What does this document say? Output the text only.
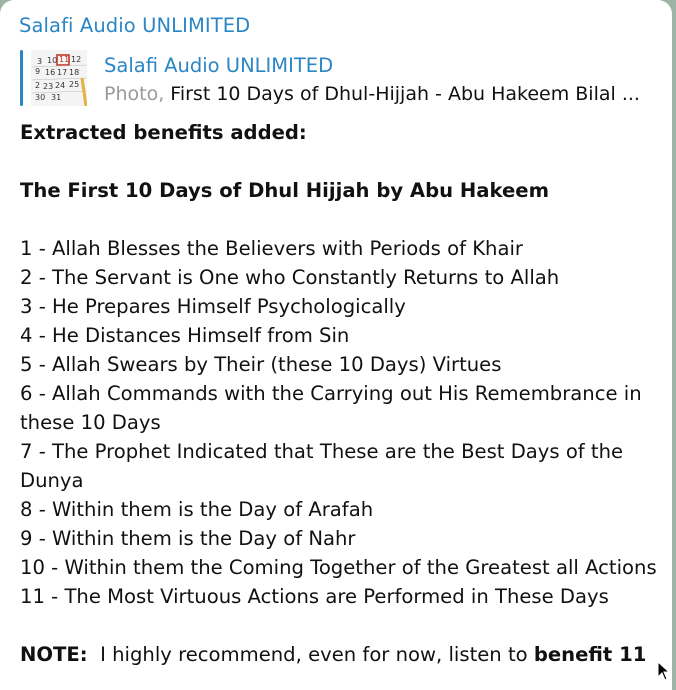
Salafi Audio UNLIMITED
3 10 11 12
9 16 17 18
2 23 24 25
30 31
Salafi Audio UNLIMITED
Photo, First 10 Days of Dhul-Hijjah - Abu Hakeem Bilal ...

Extracted benefits added:

The First 10 Days of Dhul Hijjah by Abu Hakeem

1 - Allah Blesses the Believers with Periods of Khair

2 - The Servant is One who Constantly Returns to Allah

3 - He Prepares Himself Psychologically

4 - He Distances Himself from Sin

5 - Allah Swears by Their (these 10 Days) Virtues

6 - Allah Commands with the Carrying out His Remembrance in these 10 Days

7 - The Prophet Indicated that These are the Best Days of the Dunya

8 - Within them is the Day of Arafah

9 - Within them is the Day of Nahr

10 - Within them the Coming Together of the Greatest all Actions

11 - The Most Virtuous Actions are Performed in These Days

NOTE:  I highly recommend, even for now, listen to benefit 11
